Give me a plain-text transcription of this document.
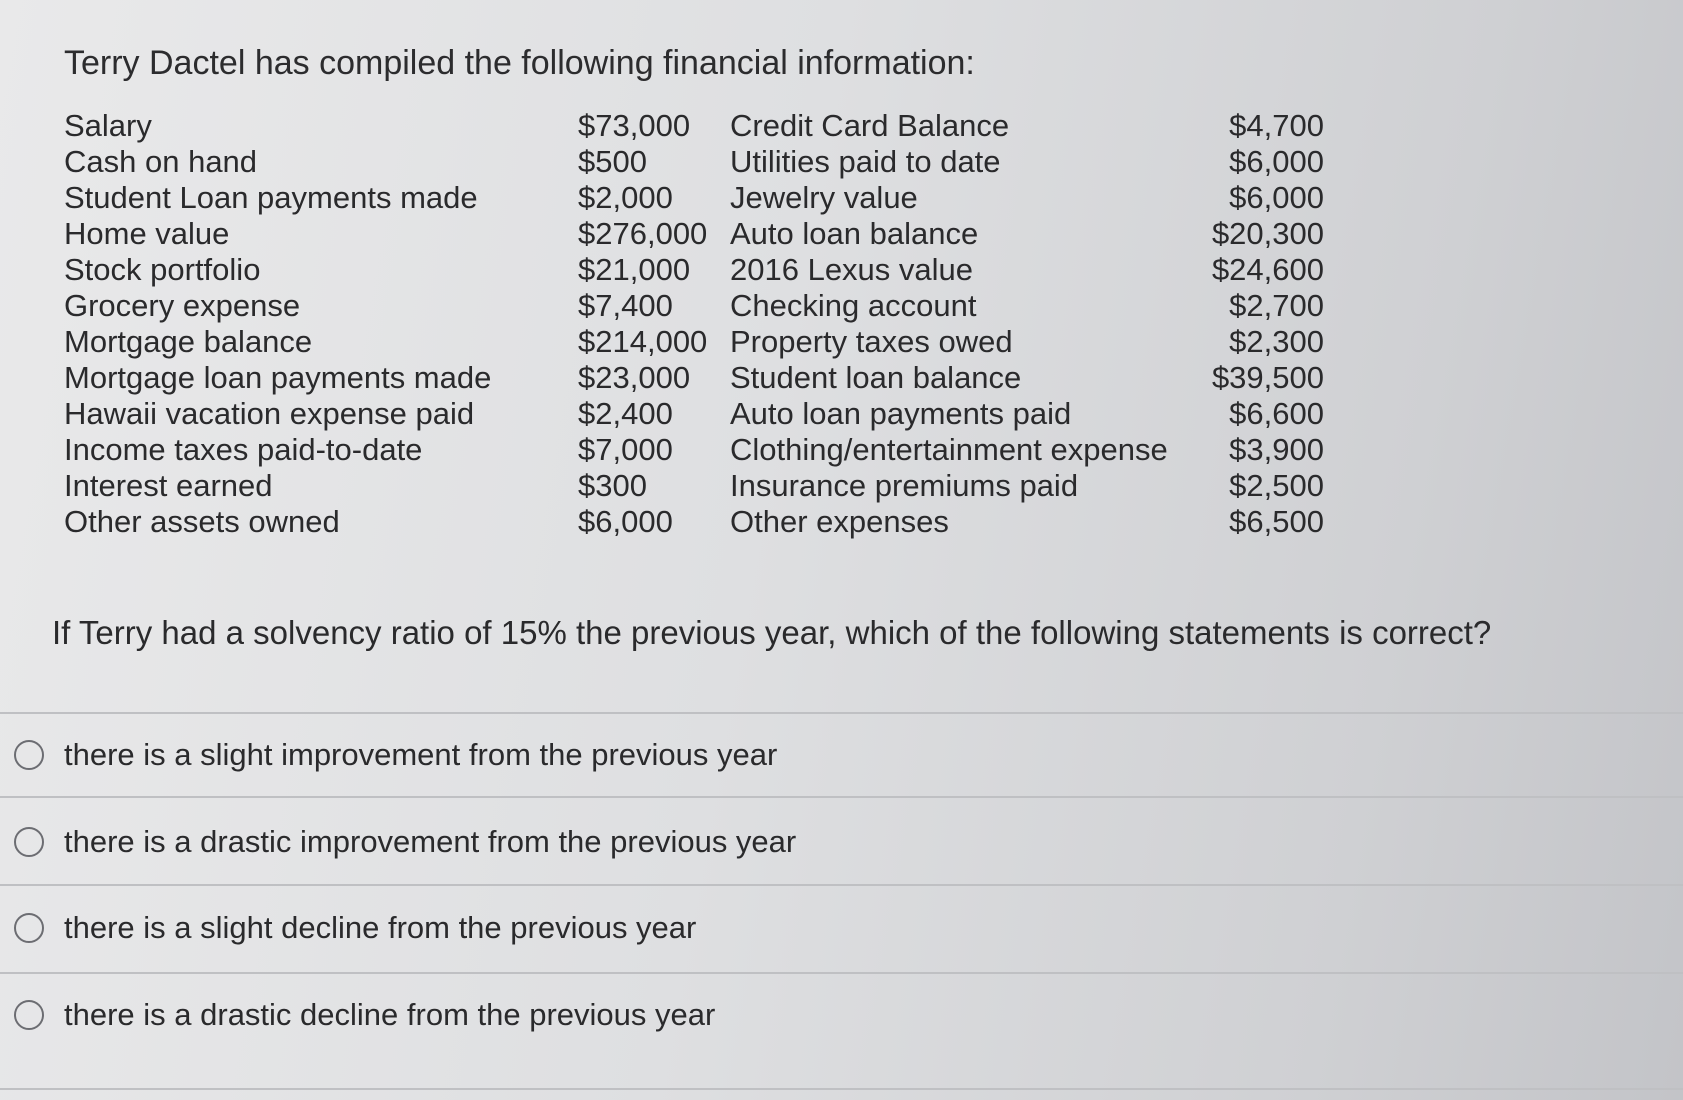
Terry Dactel has compiled the following financial information:
Salary	$73,000 Credit Card Balance	$4,700
Cash on hand	$500	Utilities paid to date	$6,000
Student Loan payments made	$2,000 Jewelry value	$6,000
Home value	$276,000 Auto loan balance	$20,300
Stock portfolio	$21,000 2016 Lexus value	$24,600
Grocery expense	$7,400 Checking account	$2,700
Mortgage balance	$214,000 Property taxes owed	$2,300
Mortgage loan payments made	$23,000 Student loan balance	$39,500
Hawaii vacation expense paid	$2,400 Auto loan payments paid	$6,600
Income taxes paid-to-date	$7,000 Clothing/entertainment expense $3,900
Interest earned	$300	Insurance premiums paid	$2,500
Other assets owned	$6,000 Other expenses	$6,500
If Terry had a solvency ratio of 15% the previous year, which of the following statements is correct?
there is a slight improvement from the previous year
there is a drastic improvement from the previous year
there is a slight decline from the previous year
there is a drastic decline from the previous year
